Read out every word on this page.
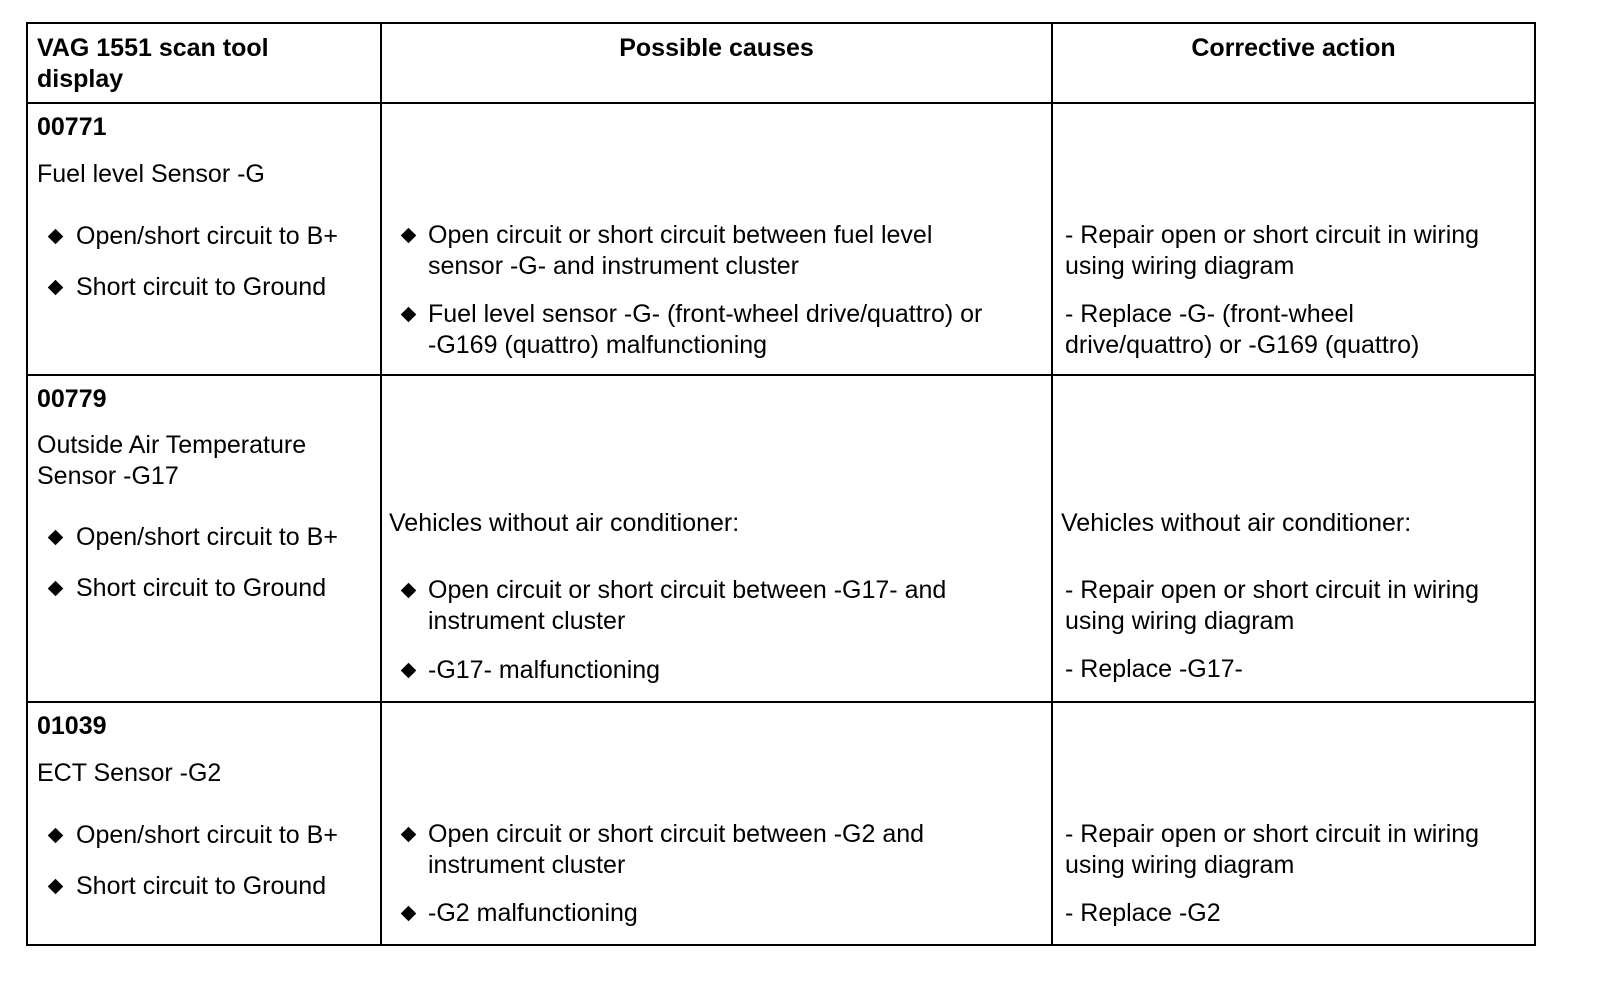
VAG 1551 scan tool
display
Possible causes	Corrective action
00771
Fuel level Sensor -G
Open/short circuit to B+
Short circuit to Ground
Open circuit or short circuit between fuel level
sensor -G- and instrument cluster
Fuel level sensor -G- (front-wheel drive/quattro) or
-G169 (quattro) malfunctioning
- Repair open or short circuit in wiring
using wiring diagram
- Replace -G- (front-wheel
drive/quattro) or -G169 (quattro)
00779
Outside Air Temperature
Sensor -G17
Open/short circuit to B+
Short circuit to Ground
Vehicles without air conditioner:
Open circuit or short circuit between -G17- and
instrument cluster
-G17- malfunctioning
Vehicles without air conditioner:
- Repair open or short circuit in wiring
using wiring diagram
- Replace -G17-
01039
ECT Sensor -G2
Open/short circuit to B+
Short circuit to Ground
Open circuit or short circuit between -G2 and
instrument cluster
-G2 malfunctioning
- Repair open or short circuit in wiring
using wiring diagram
- Replace -G2
